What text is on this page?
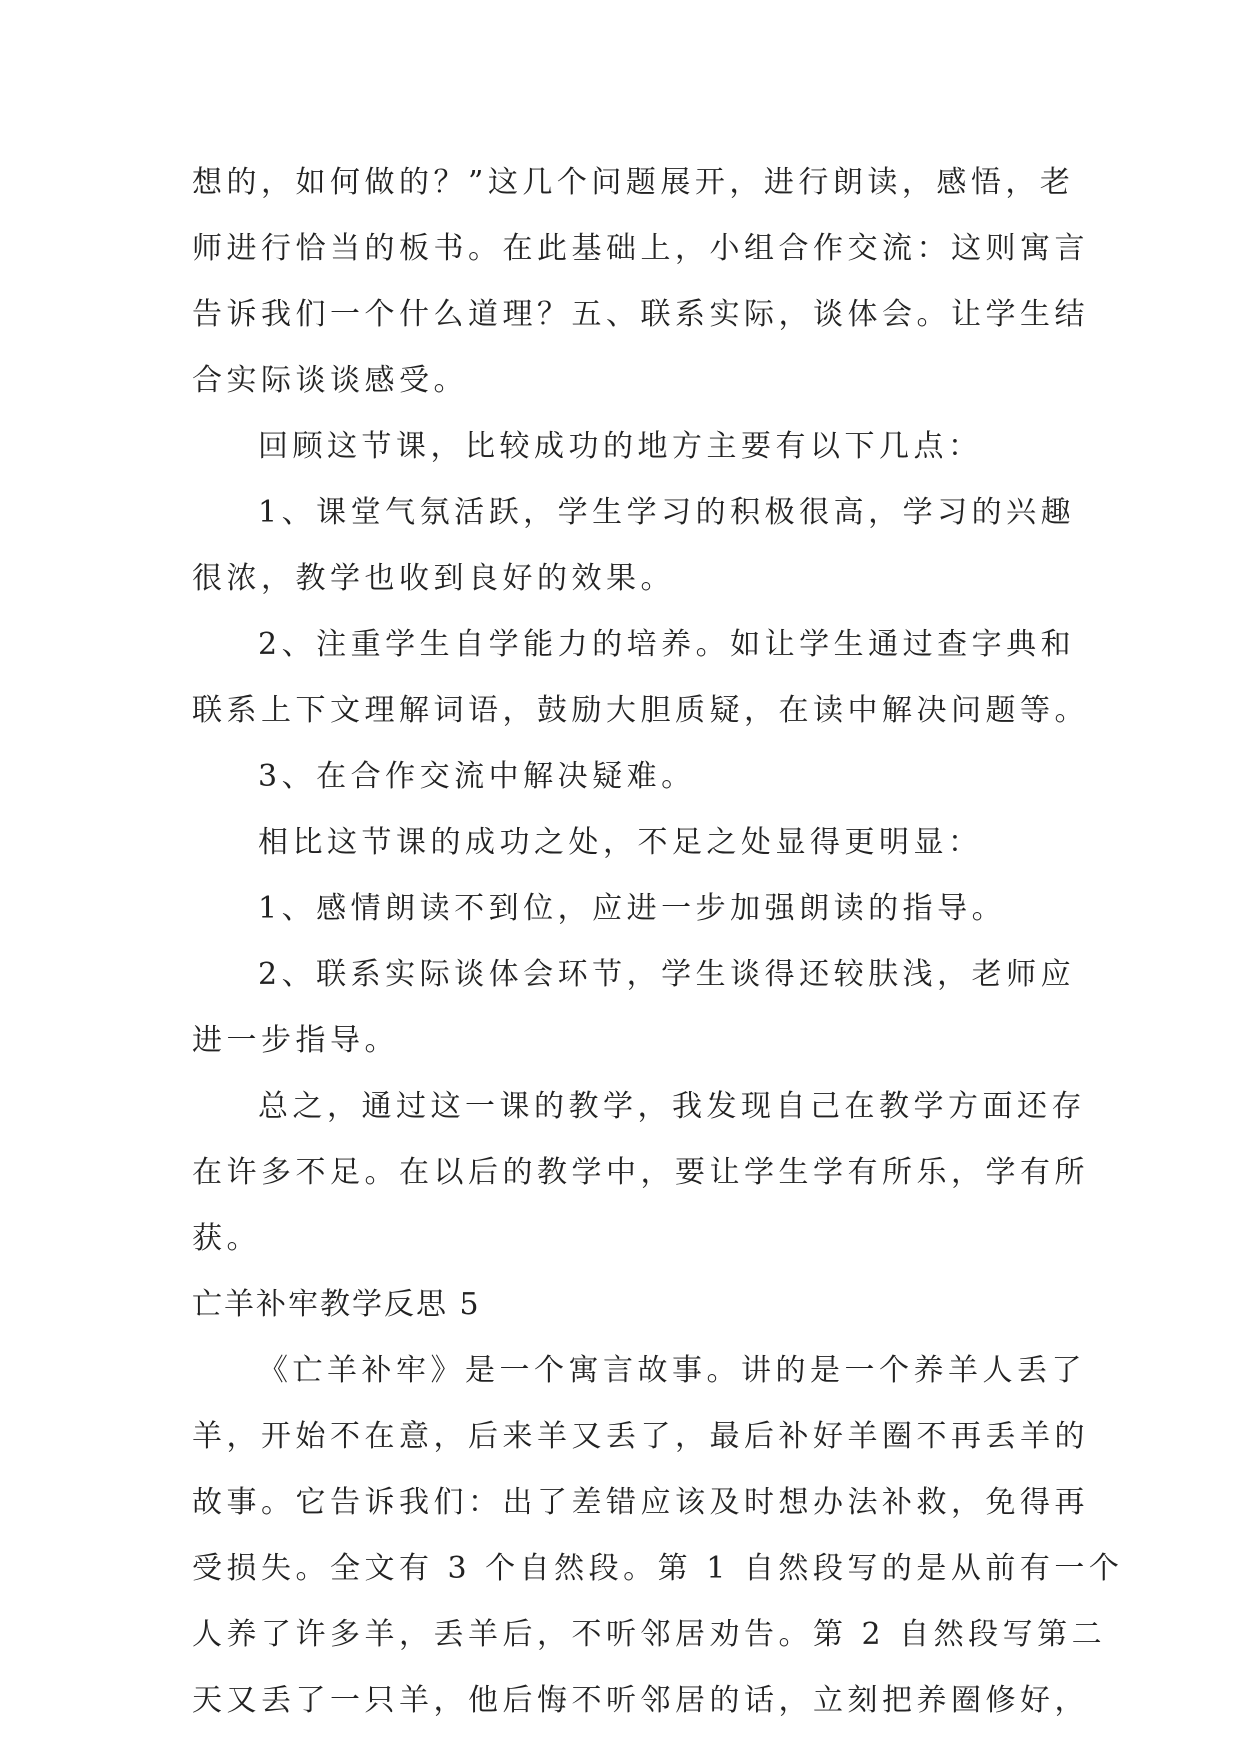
想的，如何做的？”这几个问题展开，进行朗读，感悟，老
师进行恰当的板书。在此基础上，小组合作交流：这则寓言
告诉我们一个什么道理？五、联系实际，谈体会。让学生结
合实际谈谈感受。
回顾这节课，比较成功的地方主要有以下几点：
1、课堂气氛活跃，学生学习的积极很高，学习的兴趣
很浓，教学也收到良好的效果。
2、注重学生自学能力的培养。如让学生通过查字典和
联系上下文理解词语，鼓励大胆质疑，在读中解决问题等。
3、在合作交流中解决疑难。
相比这节课的成功之处，不足之处显得更明显：
1、感情朗读不到位，应进一步加强朗读的指导。
2、联系实际谈体会环节，学生谈得还较肤浅，老师应
进一步指导。
总之，通过这一课的教学，我发现自己在教学方面还存
在许多不足。在以后的教学中，要让学生学有所乐，学有所
获。
亡羊补牢教学反思 5
《亡羊补牢》是一个寓言故事。讲的是一个养羊人丢了
羊，开始不在意，后来羊又丢了，最后补好羊圈不再丢羊的
故事。它告诉我们：出了差错应该及时想办法补救，免得再
受损失。全文有 3 个自然段。第 1 自然段写的是从前有一个
人养了许多羊，丢羊后，不听邻居劝告。第 2 自然段写第二
天又丢了一只羊，他后悔不听邻居的话，立刻把养圈修好，
